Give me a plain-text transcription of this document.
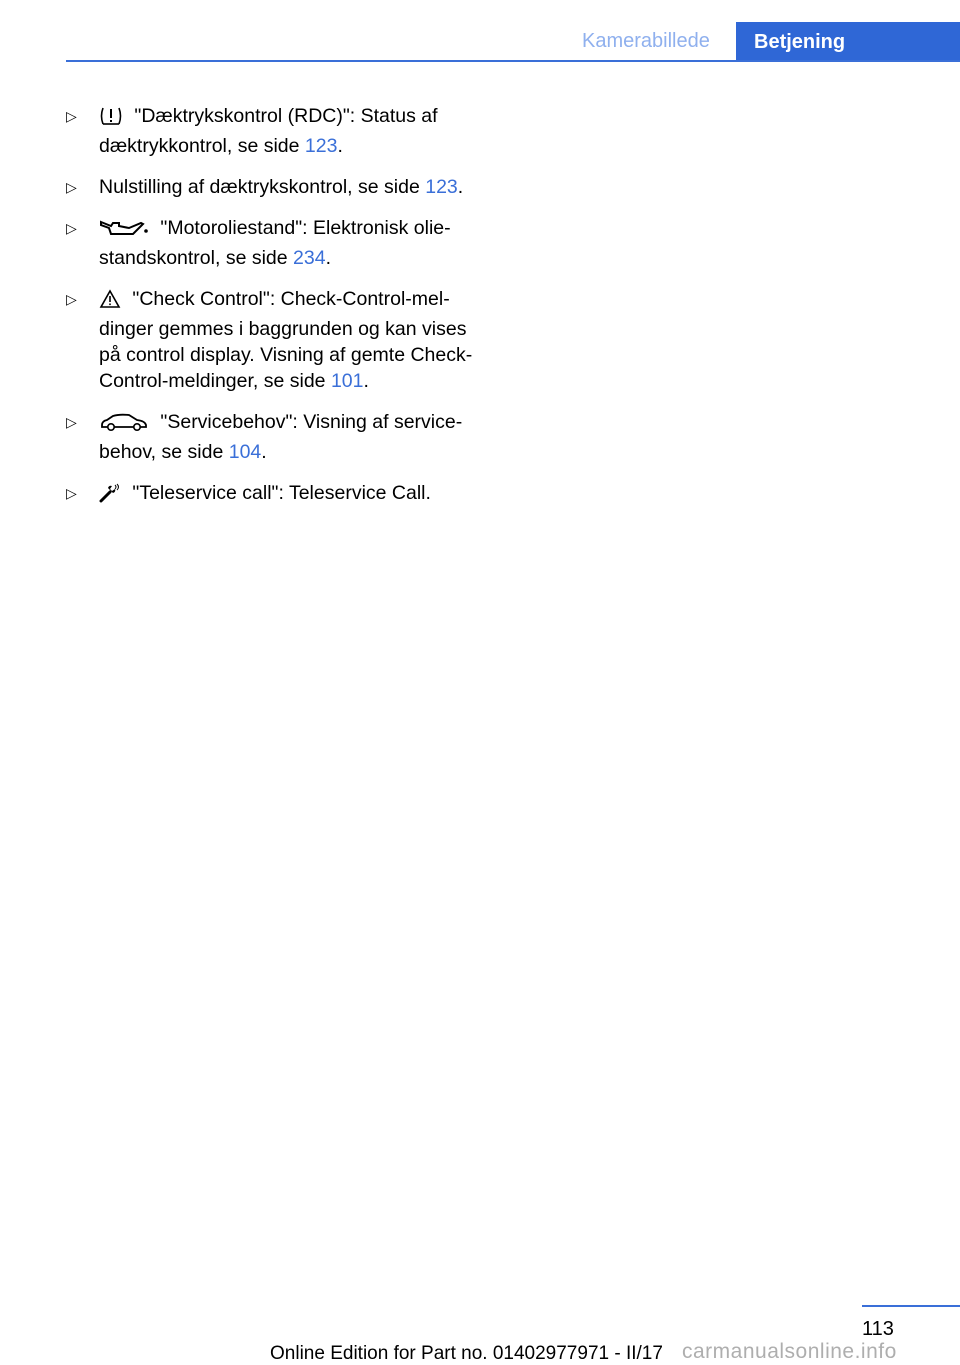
Kamerabillede	Betjening
▷
"Dæktrykskontrol (RDC)": Status af dæktrykkontrol, se side 123.
▷
Nulstilling af dæktrykskontrol, se side 123.
▷
"Motoroliestand": Elektronisk oliestandskontrol, se side 234.
▷
"Check Control": Check-Control-meldinger gemmes i baggrunden og kan vises på control display. Visning af gemte Check-Control-meldinger, se side 101.
▷
"Servicebehov": Visning af servicebehov, se side 104.
▷
"Teleservice call": Teleservice Call.
113
Online Edition for Part no. 01402977971 - II/17 carmanualsonline.info
